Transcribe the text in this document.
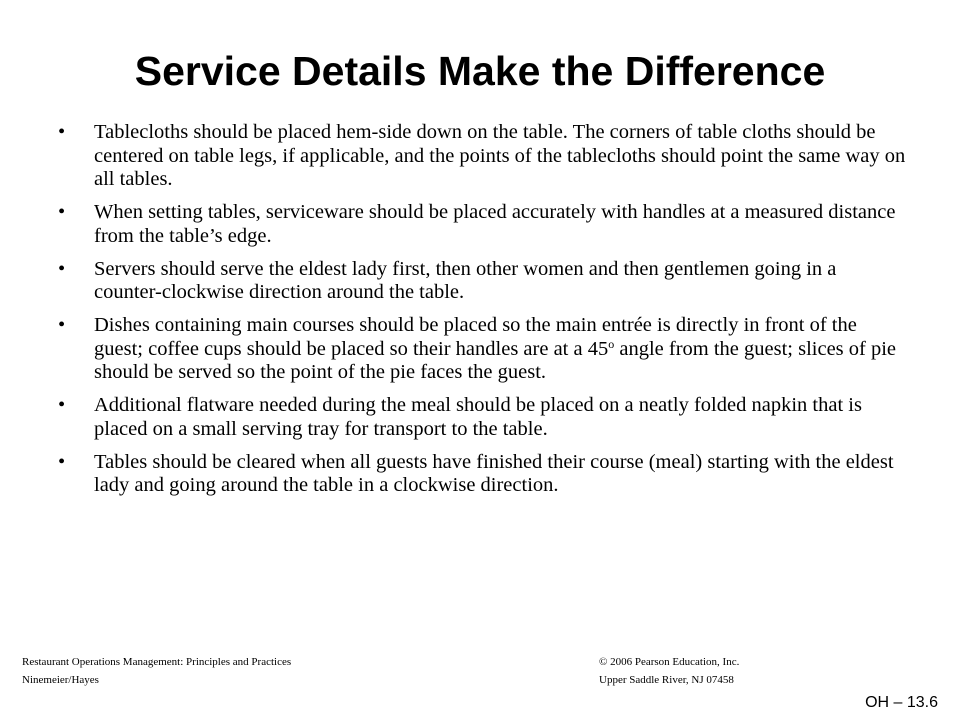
Service Details Make the Difference
• Tablecloths should be placed hem-side down on the table. The corners of table cloths should be centered on table legs, if applicable, and the points of the tablecloths should point the same way on all tables.
• When setting tables, serviceware should be placed accurately with handles at a measured distance from the table’s edge.
• Servers should serve the eldest lady first, then other women and then gentlemen going in a counter-clockwise direction around the table.
• Dishes containing main courses should be placed so the main entrée is directly in front of the guest; coffee cups should be placed so their handles are at a 45$^o$ angle from the guest; slices of pie should be served so the point of the pie faces the guest.
• Additional flatware needed during the meal should be placed on a neatly folded napkin that is placed on a small serving tray for transport to the table.
• Tables should be cleared when all guests have finished their course (meal) starting with the eldest lady and going around the table in a clockwise direction.
Restaurant Operations Management: Principles and Practices
Ninemeier/Hayes
© 2006 Pearson Education, Inc.
Upper Saddle River, NJ 07458
OH – 13.6
